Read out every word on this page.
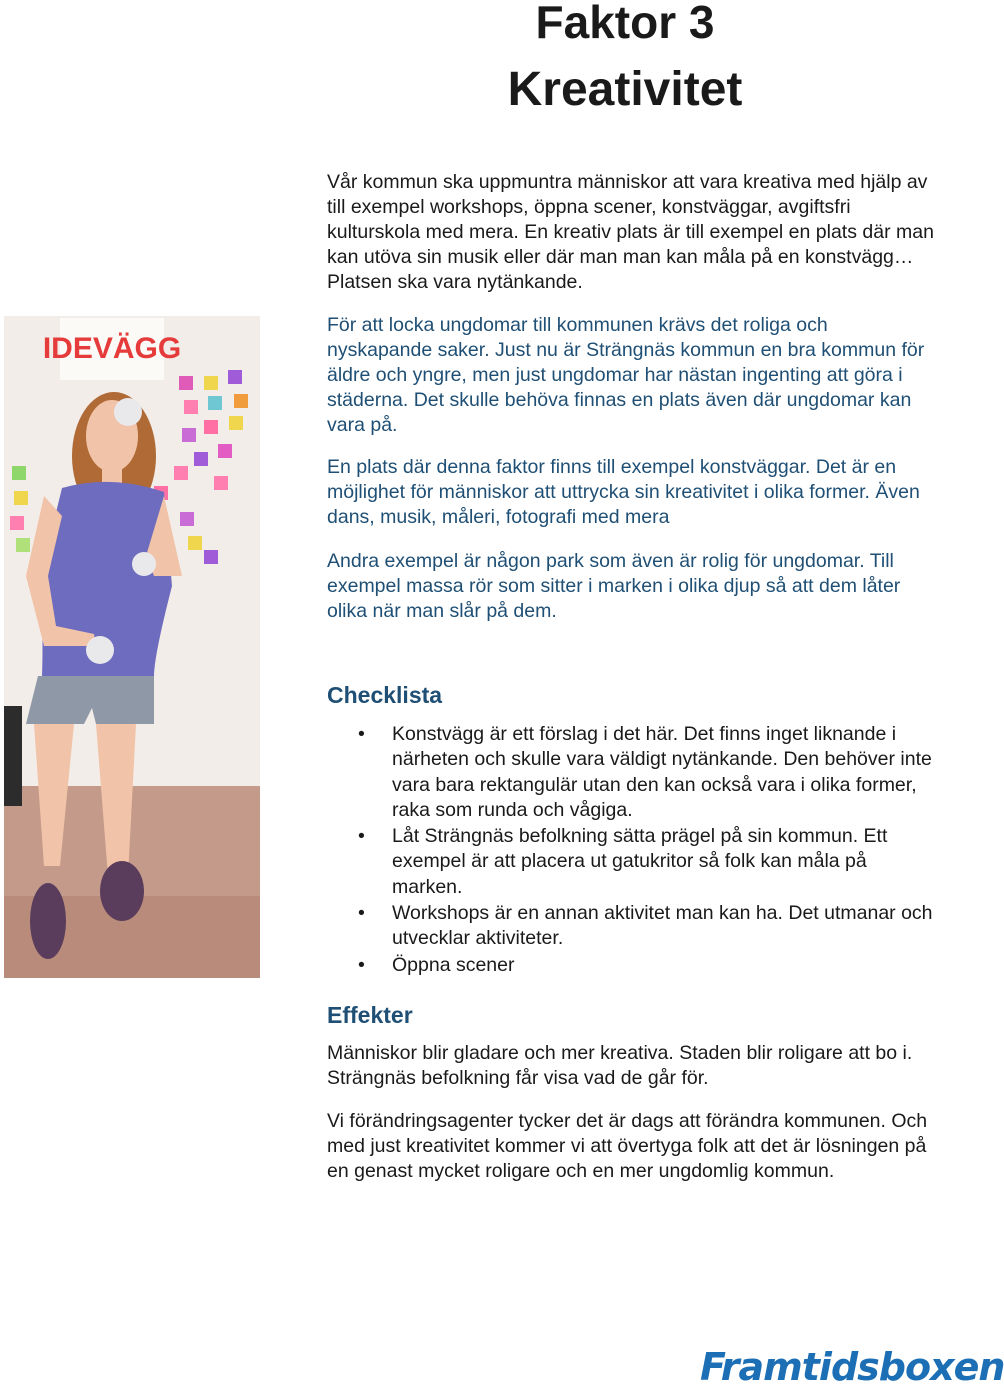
Faktor 3
Kreativitet
IDEVÄGG
Vår kommun ska uppmuntra människor att vara kreativa med hjälp av till exempel workshops, öppna scener, konstväggar, avgiftsfri kulturskola med mera. En kreativ plats är till exempel en plats där man kan utöva sin musik eller där man man kan måla på en konstvägg… Platsen ska vara nytänkande.
För att locka ungdomar till kommunen krävs det roliga och nyskapande saker. Just nu är Strängnäs kommun en bra kommun för äldre och yngre, men just ungdomar har nästan ingenting att göra i städerna. Det skulle behöva finnas en plats även där ungdomar kan vara på.
En plats där denna faktor finns till exempel konstväggar. Det är en möjlighet för människor att uttrycka sin kreativitet i olika former. Även dans, musik, måleri, fotografi med mera
Andra exempel är någon park som även är rolig för ungdomar. Till exempel massa rör som sitter i marken i olika djup så att dem låter olika när man slår på dem.
Checklista
• Konstvägg är ett förslag i det här. Det finns inget liknande i närheten och skulle vara väldigt nytänkande. Den behöver inte vara bara rektangulär utan den kan också vara i olika former, raka som runda och vågiga.
• Låt Strängnäs befolkning sätta prägel på sin kommun. Ett exempel är att placera ut gatukritor så folk kan måla på marken.
• Workshops är en annan aktivitet man kan ha. Det utmanar och utvecklar aktiviteter.
• Öppna scener
Effekter
Människor blir gladare och mer kreativa. Staden blir roligare att bo i. Strängnäs befolkning får visa vad de går för.
Vi förändringsagenter tycker det är dags att förändra kommunen. Och med just kreativitet kommer vi att övertyga folk att det är lösningen på en genast mycket roligare och en mer ungdomlig kommun.
Framtidsboxen
